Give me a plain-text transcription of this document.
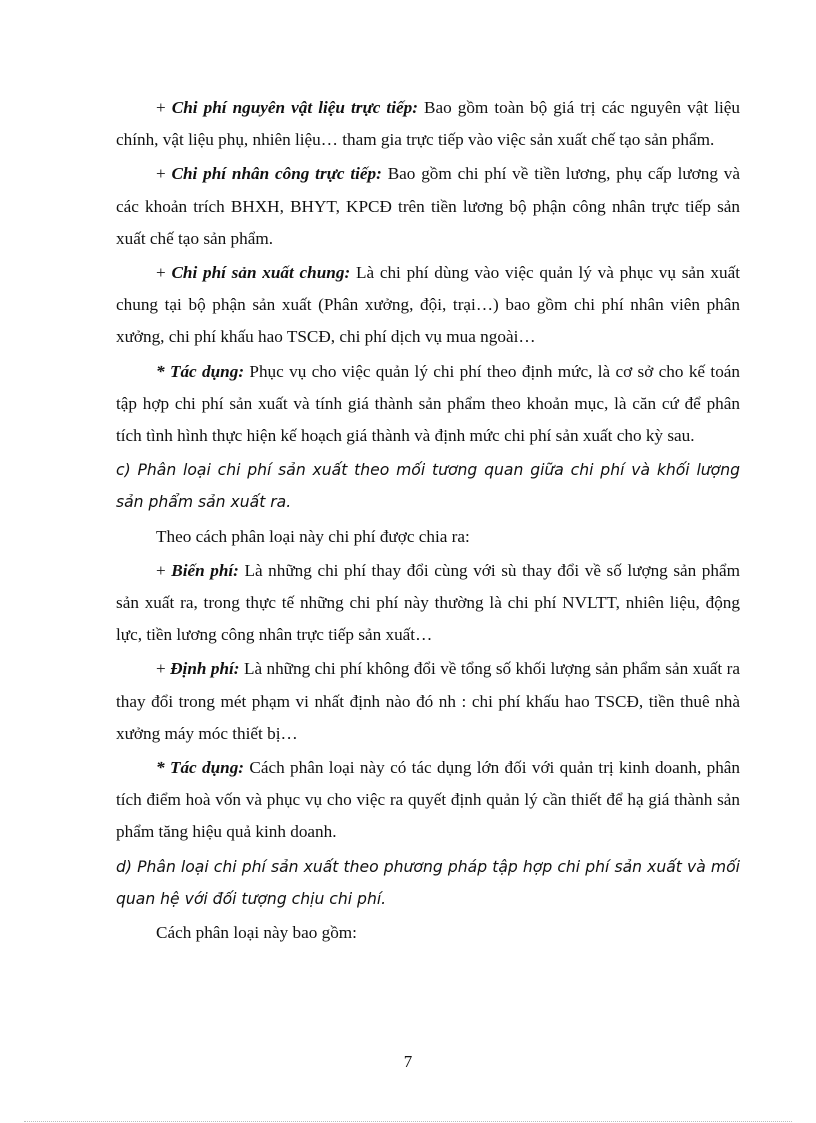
+ Chi phí nguyên vật liệu trực tiếp: Bao gồm toàn bộ giá trị các nguyên vật liệu chính, vật liệu phụ, nhiên liệu… tham gia trực tiếp vào việc sản xuất chế tạo sản phẩm.

+ Chi phí nhân công trực tiếp: Bao gồm chi phí về tiền lương, phụ cấp lương và các khoản trích BHXH, BHYT, KPCĐ trên tiền lương bộ phận công nhân trực tiếp sản xuất chế tạo sản phẩm.

+ Chi phí sản xuất chung: Là chi phí dùng vào việc quản lý và phục vụ sản xuất chung tại bộ phận sản xuất (Phân xưởng, đội, trại…) bao gồm chi phí nhân viên phân xưởng, chi phí khấu hao TSCĐ, chi phí dịch vụ mua ngoài…

* Tác dụng: Phục vụ cho việc quản lý chi phí theo định mức, là cơ sở cho kế toán tập hợp chi phí sản xuất và tính giá thành sản phẩm theo khoản mục, là căn cứ để phân tích tình hình thực hiện kế hoạch giá thành và định mức chi phí sản xuất cho kỳ sau.

c) Phân loại chi phí sản xuất theo mối tương quan giữa chi phí và khối lượng sản phẩm sản xuất ra.

Theo cách phân loại này chi phí được chia ra:

+ Biến phí: Là những chi phí thay đổi cùng với sù thay đổi về số lượng sản phẩm sản xuất ra, trong thực tế những chi phí này thường là chi phí NVLTT, nhiên liệu, động lực, tiền lương công nhân trực tiếp sản xuất…

+ Định phí: Là những chi phí không đổi về tổng số khối lượng sản phẩm sản xuất ra thay đổi trong mét phạm vi nhất định nào đó nh : chi phí khấu hao TSCĐ, tiền thuê nhà xưởng máy móc thiết bị…

* Tác dụng: Cách phân loại này có tác dụng lớn đối với quản trị kinh doanh, phân tích điểm hoà vốn và phục vụ cho việc ra quyết định quản lý cần thiết để hạ giá thành sản phẩm tăng hiệu quả kinh doanh.

d) Phân loại chi phí sản xuất theo phương pháp tập hợp chi phí sản xuất và mối quan hệ với đối tượng chịu chi phí.

Cách phân loại này bao gồm:

7
